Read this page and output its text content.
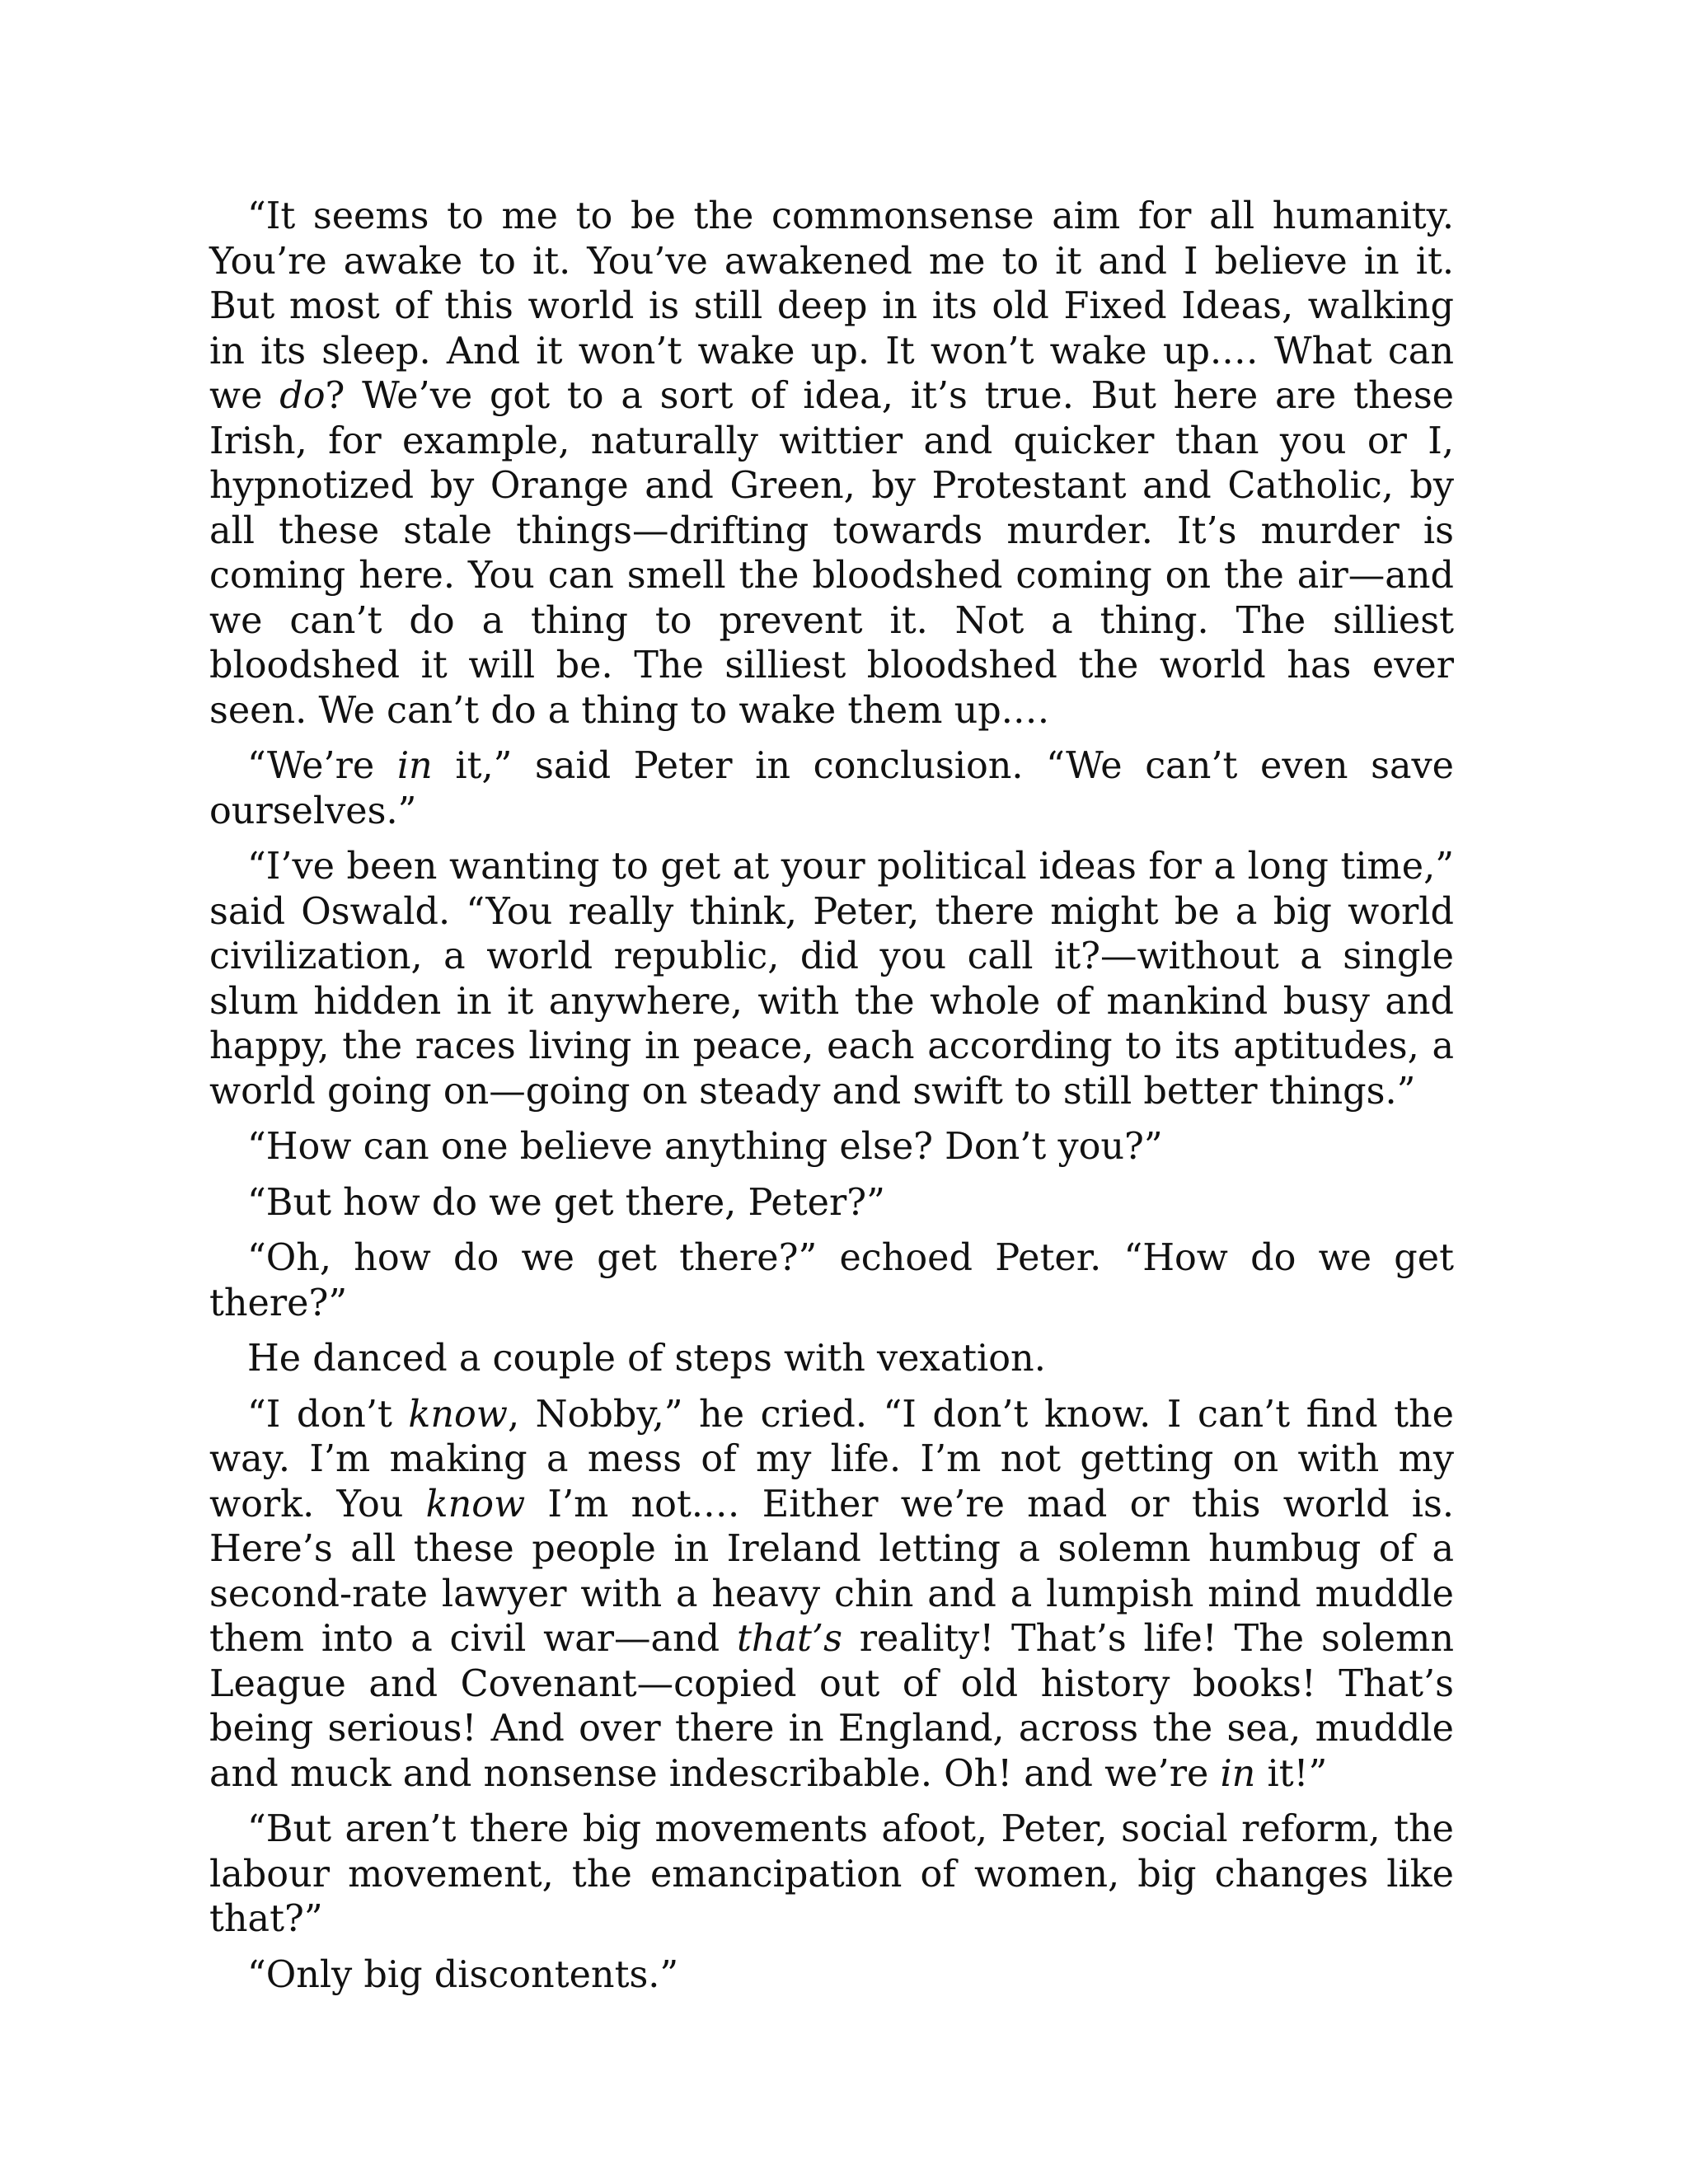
“It seems to me to be the commonsense aim for all humanity. You’re awake to it. You’ve awakened me to it and I believe in it. But most of this world is still deep in its old Fixed Ideas, walking in its sleep. And it won’t wake up. It won’t wake up.… What can we do? We’ve got to a sort of idea, it’s true. But here are these Irish, for example, naturally wittier and quicker than you or I, hypnotized by Orange and Green, by Protestant and Catholic, by all these stale things—drifting towards murder. It’s murder is coming here. You can smell the bloodshed coming on the air—and we can’t do a thing to prevent it. Not a thing. The silliest bloodshed it will be. The silliest bloodshed the world has ever seen. We can’t do a thing to wake them up.…

“We’re in it,” said Peter in conclusion. “We can’t even save ourselves.”

“I’ve been wanting to get at your political ideas for a long time,” said Oswald. “You really think, Peter, there might be a big world civilization, a world republic, did you call it?—without a single slum hidden in it anywhere, with the whole of mankind busy and happy, the races living in peace, each according to its aptitudes, a world going on—going on steady and swift to still better things.”

“How can one believe anything else? Don’t you?”

“But how do we get there, Peter?”

“Oh, how do we get there?” echoed Peter. “How do we get there?”

He danced a couple of steps with vexation.

“I don’t know, Nobby,” he cried. “I don’t know. I can’t find the way. I’m making a mess of my life. I’m not getting on with my work. You know I’m not.… Either we’re mad or this world is. Here’s all these people in Ireland letting a solemn humbug of a second-rate lawyer with a heavy chin and a lumpish mind muddle them into a civil war—and that’s reality! That’s life! The solemn League and Covenant—copied out of old history books! That’s being serious! And over there in England, across the sea, muddle and muck and nonsense indescribable. Oh! and we’re in it!”

“But aren’t there big movements afoot, Peter, social reform, the labour movement, the emancipation of women, big changes like that?”

“Only big discontents.”
